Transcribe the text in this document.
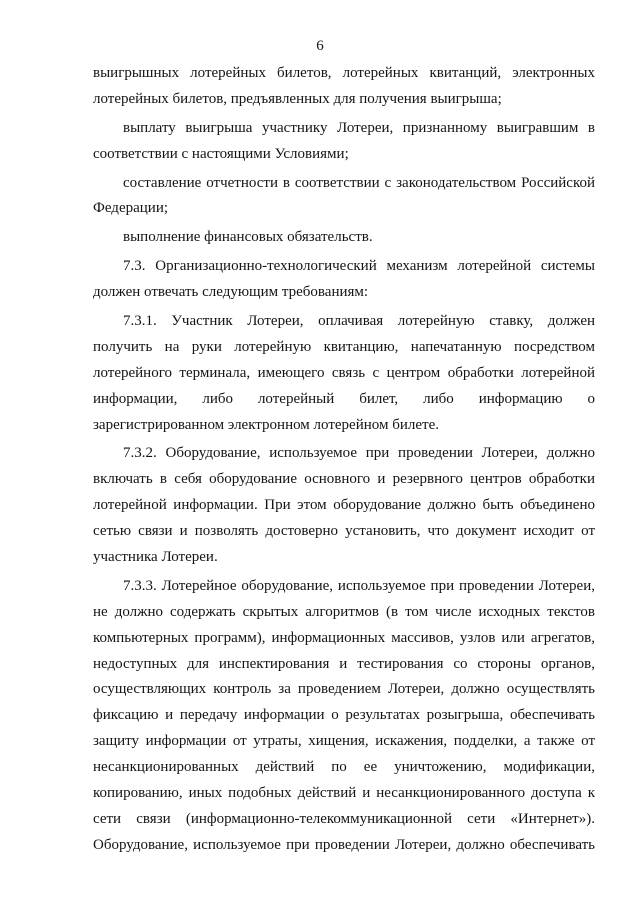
6
выигрышных лотерейных билетов, лотерейных квитанций, электронных
лотерейных билетов, предъявленных для получения выигрыша;
выплату выигрыша участнику Лотереи, признанному выигравшим в
соответствии с настоящими Условиями;
составление отчетности в соответствии с законодательством Российской
Федерации;
выполнение финансовых обязательств.
7.3. Организационно-технологический механизм лотерейной системы
должен отвечать следующим требованиям:
7.3.1. Участник Лотереи, оплачивая лотерейную ставку, должен
получить на руки лотерейную квитанцию, напечатанную посредством
лотерейного терминала, имеющего связь с центром обработки лотерейной
информации, либо лотерейный билет, либо информацию о
зарегистрированном электронном лотерейном билете.
7.3.2. Оборудование, используемое при проведении Лотереи, должно
включать в себя оборудование основного и резервного центров обработки
лотерейной информации. При этом оборудование должно быть объединено
сетью связи и позволять достоверно установить, что документ исходит от
участника Лотереи.
7.3.3. Лотерейное оборудование, используемое при проведении Лотереи,
не должно содержать скрытых алгоритмов (в том числе исходных текстов
компьютерных программ), информационных массивов, узлов или агрегатов,
недоступных для инспектирования и тестирования со стороны органов,
осуществляющих контроль за проведением Лотереи, должно осуществлять
фиксацию и передачу информации о результатах розыгрыша, обеспечивать
защиту информации от утраты, хищения, искажения, подделки, а также от
несанкционированных действий по ее уничтожению, модификации,
копированию, иных подобных действий и несанкционированного доступа к
сети связи (информационно-телекоммуникационной сети «Интернет»).
Оборудование, используемое при проведении Лотереи, должно обеспечивать
